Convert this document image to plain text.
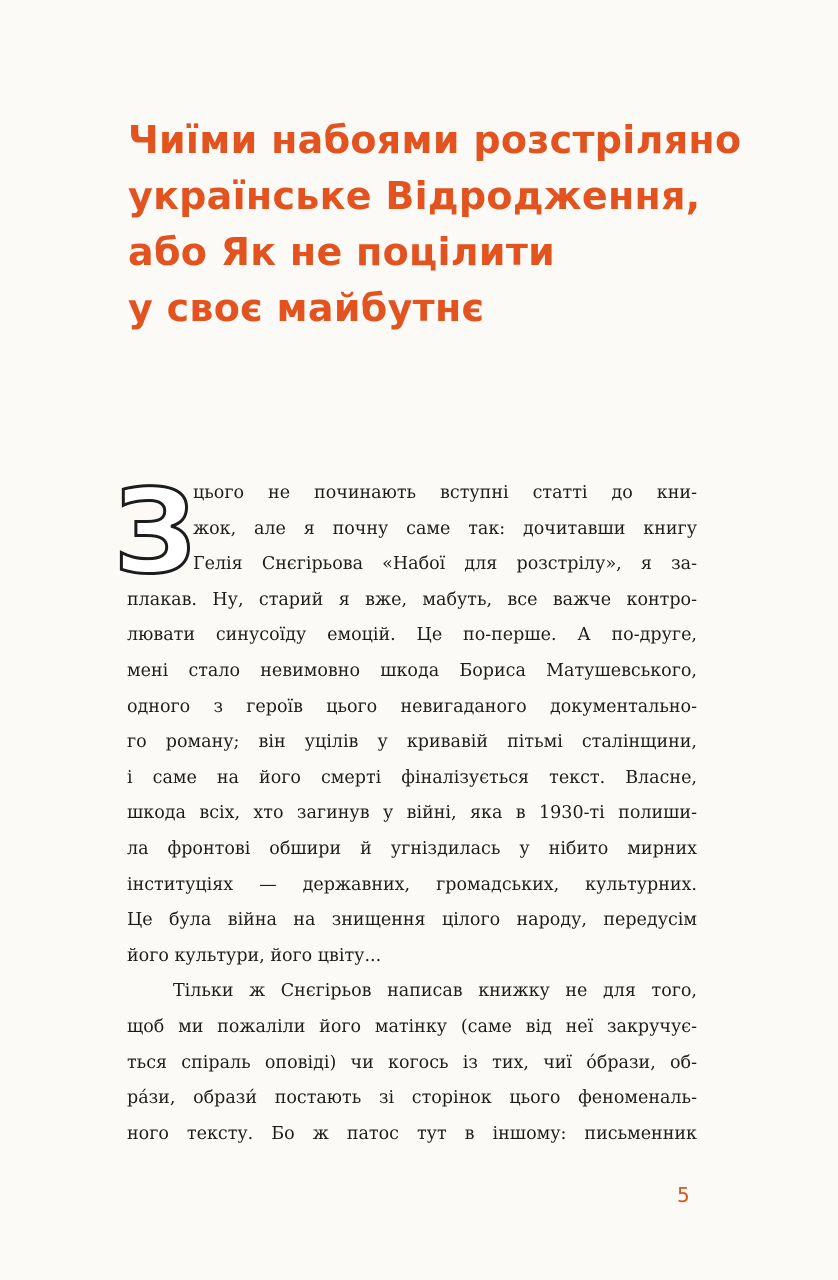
Чиїми набоями розстріляно
українське Відродження,
або Як не поцілити
у своє майбутнє
З
цього не починають вступні статті до кни-
жок, але я почну саме так: дочитавши книгу
Гелія Снєгірьова «Набої для розстрілу», я за-
плакав. Ну, старий я вже, мабуть, все важче контро-
лювати синусоїду емоцій. Це по-перше. А по-друге,
мені стало невимовно шкода Бориса Матушевського,
одного з героїв цього невигаданого документально-
го роману; він уцілів у кривавій пітьмі сталінщини,
і саме на його смерті фіналізується текст. Власне,
шкода всіх, хто загинув у війні, яка в 1930-ті полиши-
ла фронтові обшири й угніздилась у нібито мирних
інституціях — державних, громадських, культурних.
Це була війна на знищення цілого народу, передусім
його культури, його цвіту...
Тільки ж Снєгірьов написав книжку не для того,
щоб ми пожаліли його матінку (саме від неї закручує-
ться спіраль оповіді) чи когось із тих, чиї óбрази, об-
рáзи, образи́ постають зі сторінок цього феноменаль-
ного тексту. Бо ж патос тут в іншому: письменник
5
